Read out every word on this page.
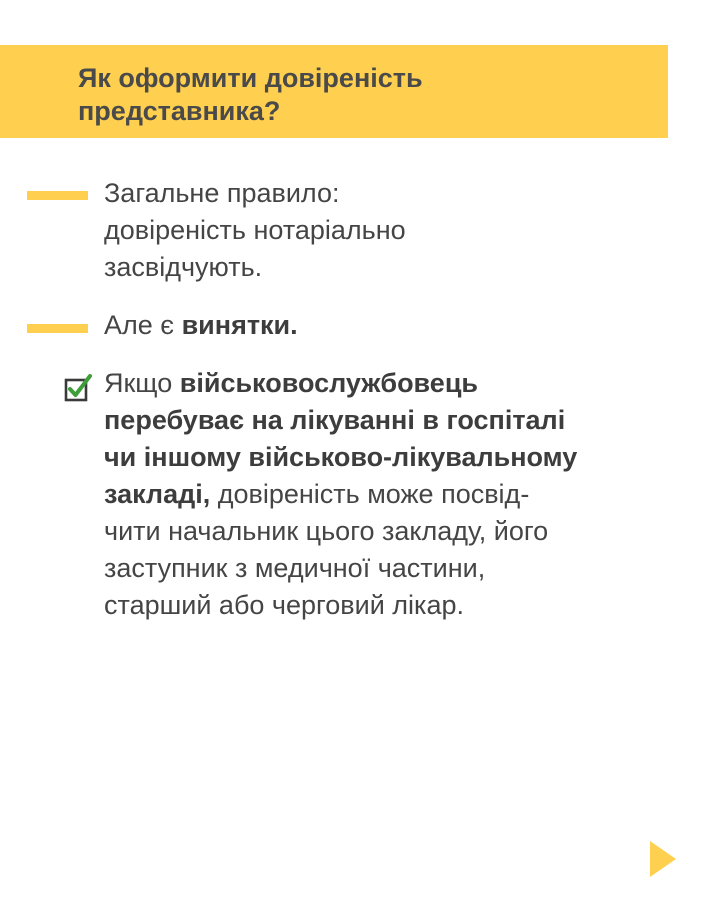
Як оформити довіреність
представника?

Загальне правило:
довіреність нотаріально
засвідчують.

Але є винятки.

Якщо військовослужбовець
перебуває на лікуванні в госпіталі
чи іншому військово-лікувальному
закладі, довіреність може посвід-
чити начальник цього закладу, його
заступник з медичної частини,
старший або черговий лікар.
